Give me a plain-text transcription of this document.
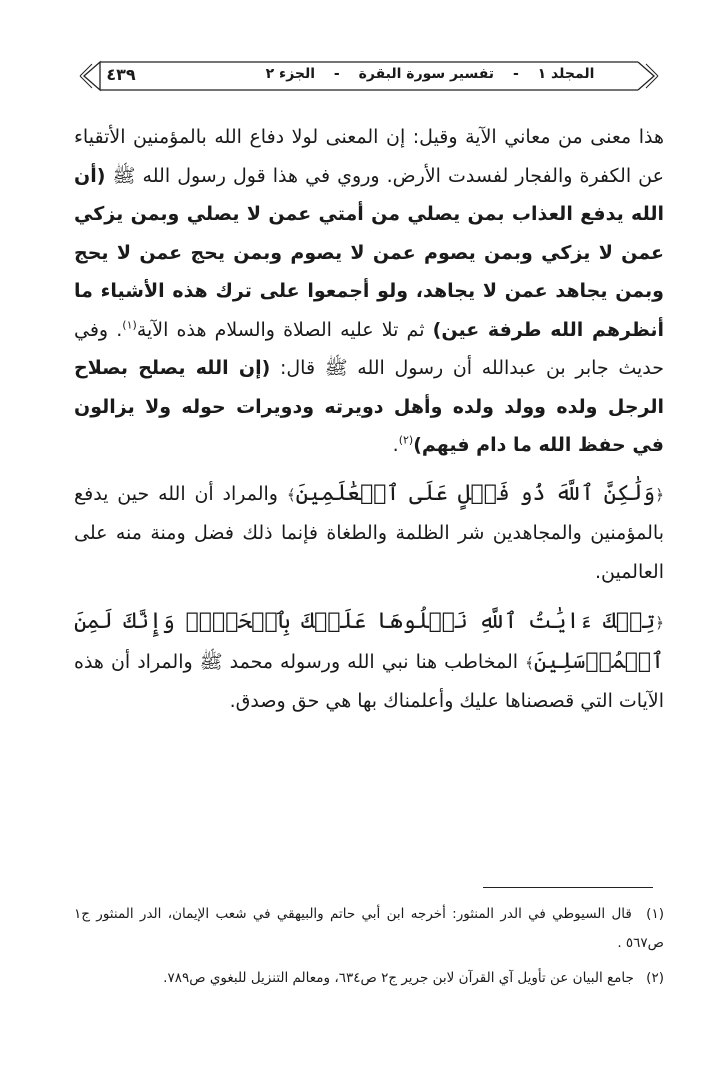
٤٣٩	المجلد ١ - تفسير سورة البقرة - الجزء ٢

هذا معنى من معاني الآية وقيل: إن المعنى لولا دفاع الله بالمؤمنين الأتقياء عن الكفرة والفجار لفسدت الأرض. وروي في هذا قول رسول الله ﷺ (أن الله يدفع العذاب بمن يصلي من أمتي عمن لا يصلي وبمن يزكي عمن لا يزكي وبمن يصوم عمن لا يصوم وبمن يحج عمن لا يحج وبمن يجاهد عمن لا يجاهد، ولو أجمعوا على ترك هذه الأشياء ما أنظرهم الله طرفة عين) ثم تلا عليه الصلاة والسلام هذه الآية$^{(١)}$. وفي حديث جابر بن عبدالله أن رسول الله ﷺ قال: (إن الله يصلح بصلاح الرجل ولده وولد ولده وأهل دويرته ودويرات حوله ولا يزالون في حفظ الله ما دام فيهم)$^{(٢)}$.

﴿وَلَٰكِنَّ ٱللَّهَ ذُو فَضۡلٍ عَلَى ٱلۡعَٰلَمِينَ﴾ والمراد أن الله حين يدفع بالمؤمنين والمجاهدين شر الظلمة والطغاة فإنما ذلك فضل ومنة منه على العالمين.

﴿تِلۡكَ ءَايَٰتُ ٱللَّهِ نَتۡلُوهَا عَلَيۡكَ بِٱلۡحَقِّۚ وَإِنَّكَ لَمِنَ ٱلۡمُرۡسَلِينَ﴾ المخاطب هنا نبي الله ورسوله محمد ﷺ والمراد أن هذه الآيات التي قصصناها عليك وأعلمناك بها هي حق وصدق.

(١) قال السيوطي في الدر المنثور: أخرجه ابن أبي حاتم والبيهقي في شعب الإيمان، الدر المنثور ج١ ص٥٦٧ .

(٢) جامع البيان عن تأويل آي القرآن لابن جرير ج٢ ص٦٣٤، ومعالم التنزيل للبغوي ص٧٨٩.
